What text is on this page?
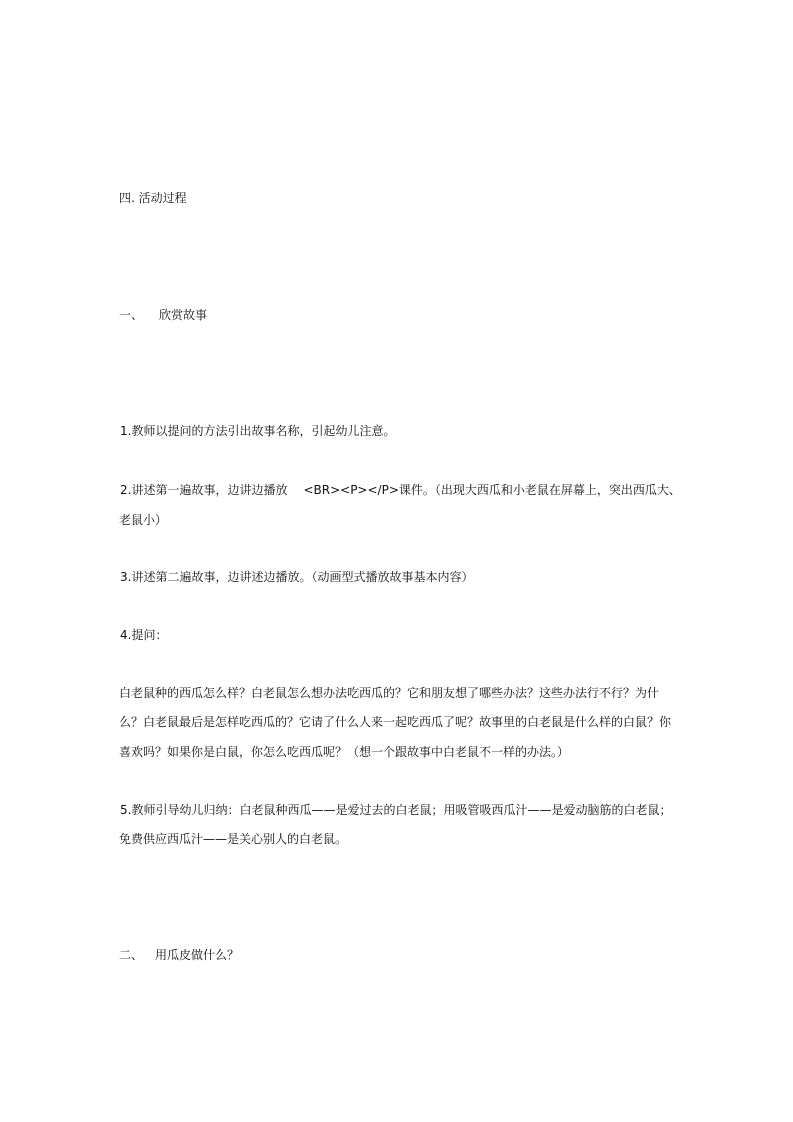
四. 活动过程
一、 欣赏故事
1.教师以提问的方法引出故事名称，引起幼儿注意。
2.讲述第一遍故事，边讲边播放 <BR><P></P>课件。（出现大西瓜和小老鼠在屏幕上，突出西瓜大、
老鼠小）
3.讲述第二遍故事，边讲述边播放。（动画型式播放故事基本内容）
4.提问：
白老鼠种的西瓜怎么样？白老鼠怎么想办法吃西瓜的？它和朋友想了哪些办法？这些办法行不行？为什
么？白老鼠最后是怎样吃西瓜的？它请了什么人来一起吃西瓜了呢？故事里的白老鼠是什么样的白鼠？你
喜欢吗？如果你是白鼠，你怎么吃西瓜呢？（想一个跟故事中白老鼠不一样的办法。）
5.教师引导幼儿归纳：白老鼠种西瓜——是爱过去的白老鼠；用吸管吸西瓜汁——是爱动脑筋的白老鼠；
免费供应西瓜汁——是关心别人的白老鼠。
二、 用瓜皮做什么？
